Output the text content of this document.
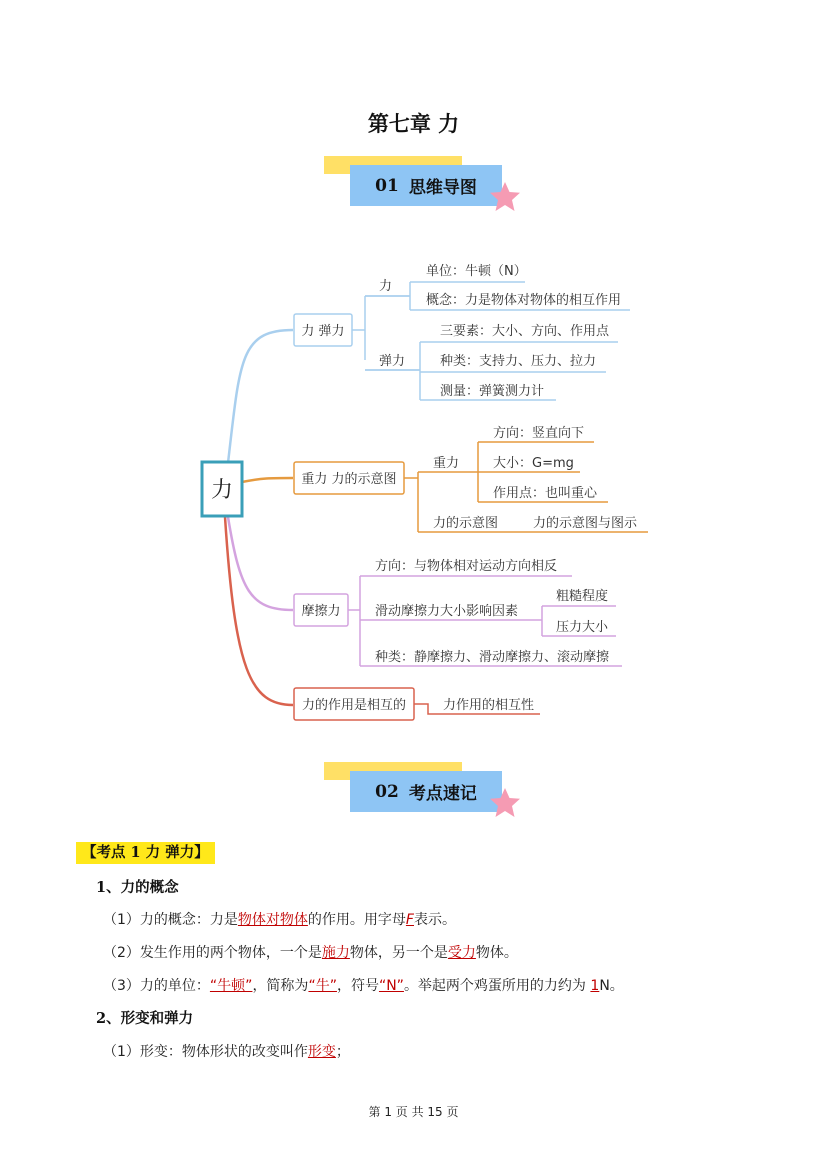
第七章 力
01 思维导图
力
力 弹力
力
单位：牛顿（N）
概念：力是物体对物体的相互作用
弹力
三要素：大小、方向、作用点
种类：支持力、压力、拉力
测量：弹簧测力计
重力 力的示意图
重力
方向：竖直向下
大小：G=mg
作用点：也叫重心
力的示意图	力的示意图与图示
摩擦力
方向：与物体相对运动方向相反
滑动摩擦力大小影响因素
粗糙程度
压力大小
种类：静摩擦力、滑动摩擦力、滚动摩擦
力的作用是相互的	力作用的相互性
02 考点速记
【考点 1 力 弹力】
1、力的概念
（1）力的概念：力是物体对物体的作用。用字母F表示。
（2）发生作用的两个物体，一个是施力物体，另一个是受力物体。
（3）力的单位：“牛顿”，简称为“牛”，符号“N”。举起两个鸡蛋所用的力约为 1N。
2、形变和弹力
（1）形变：物体形状的改变叫作形变；
第 1 页 共 15 页
